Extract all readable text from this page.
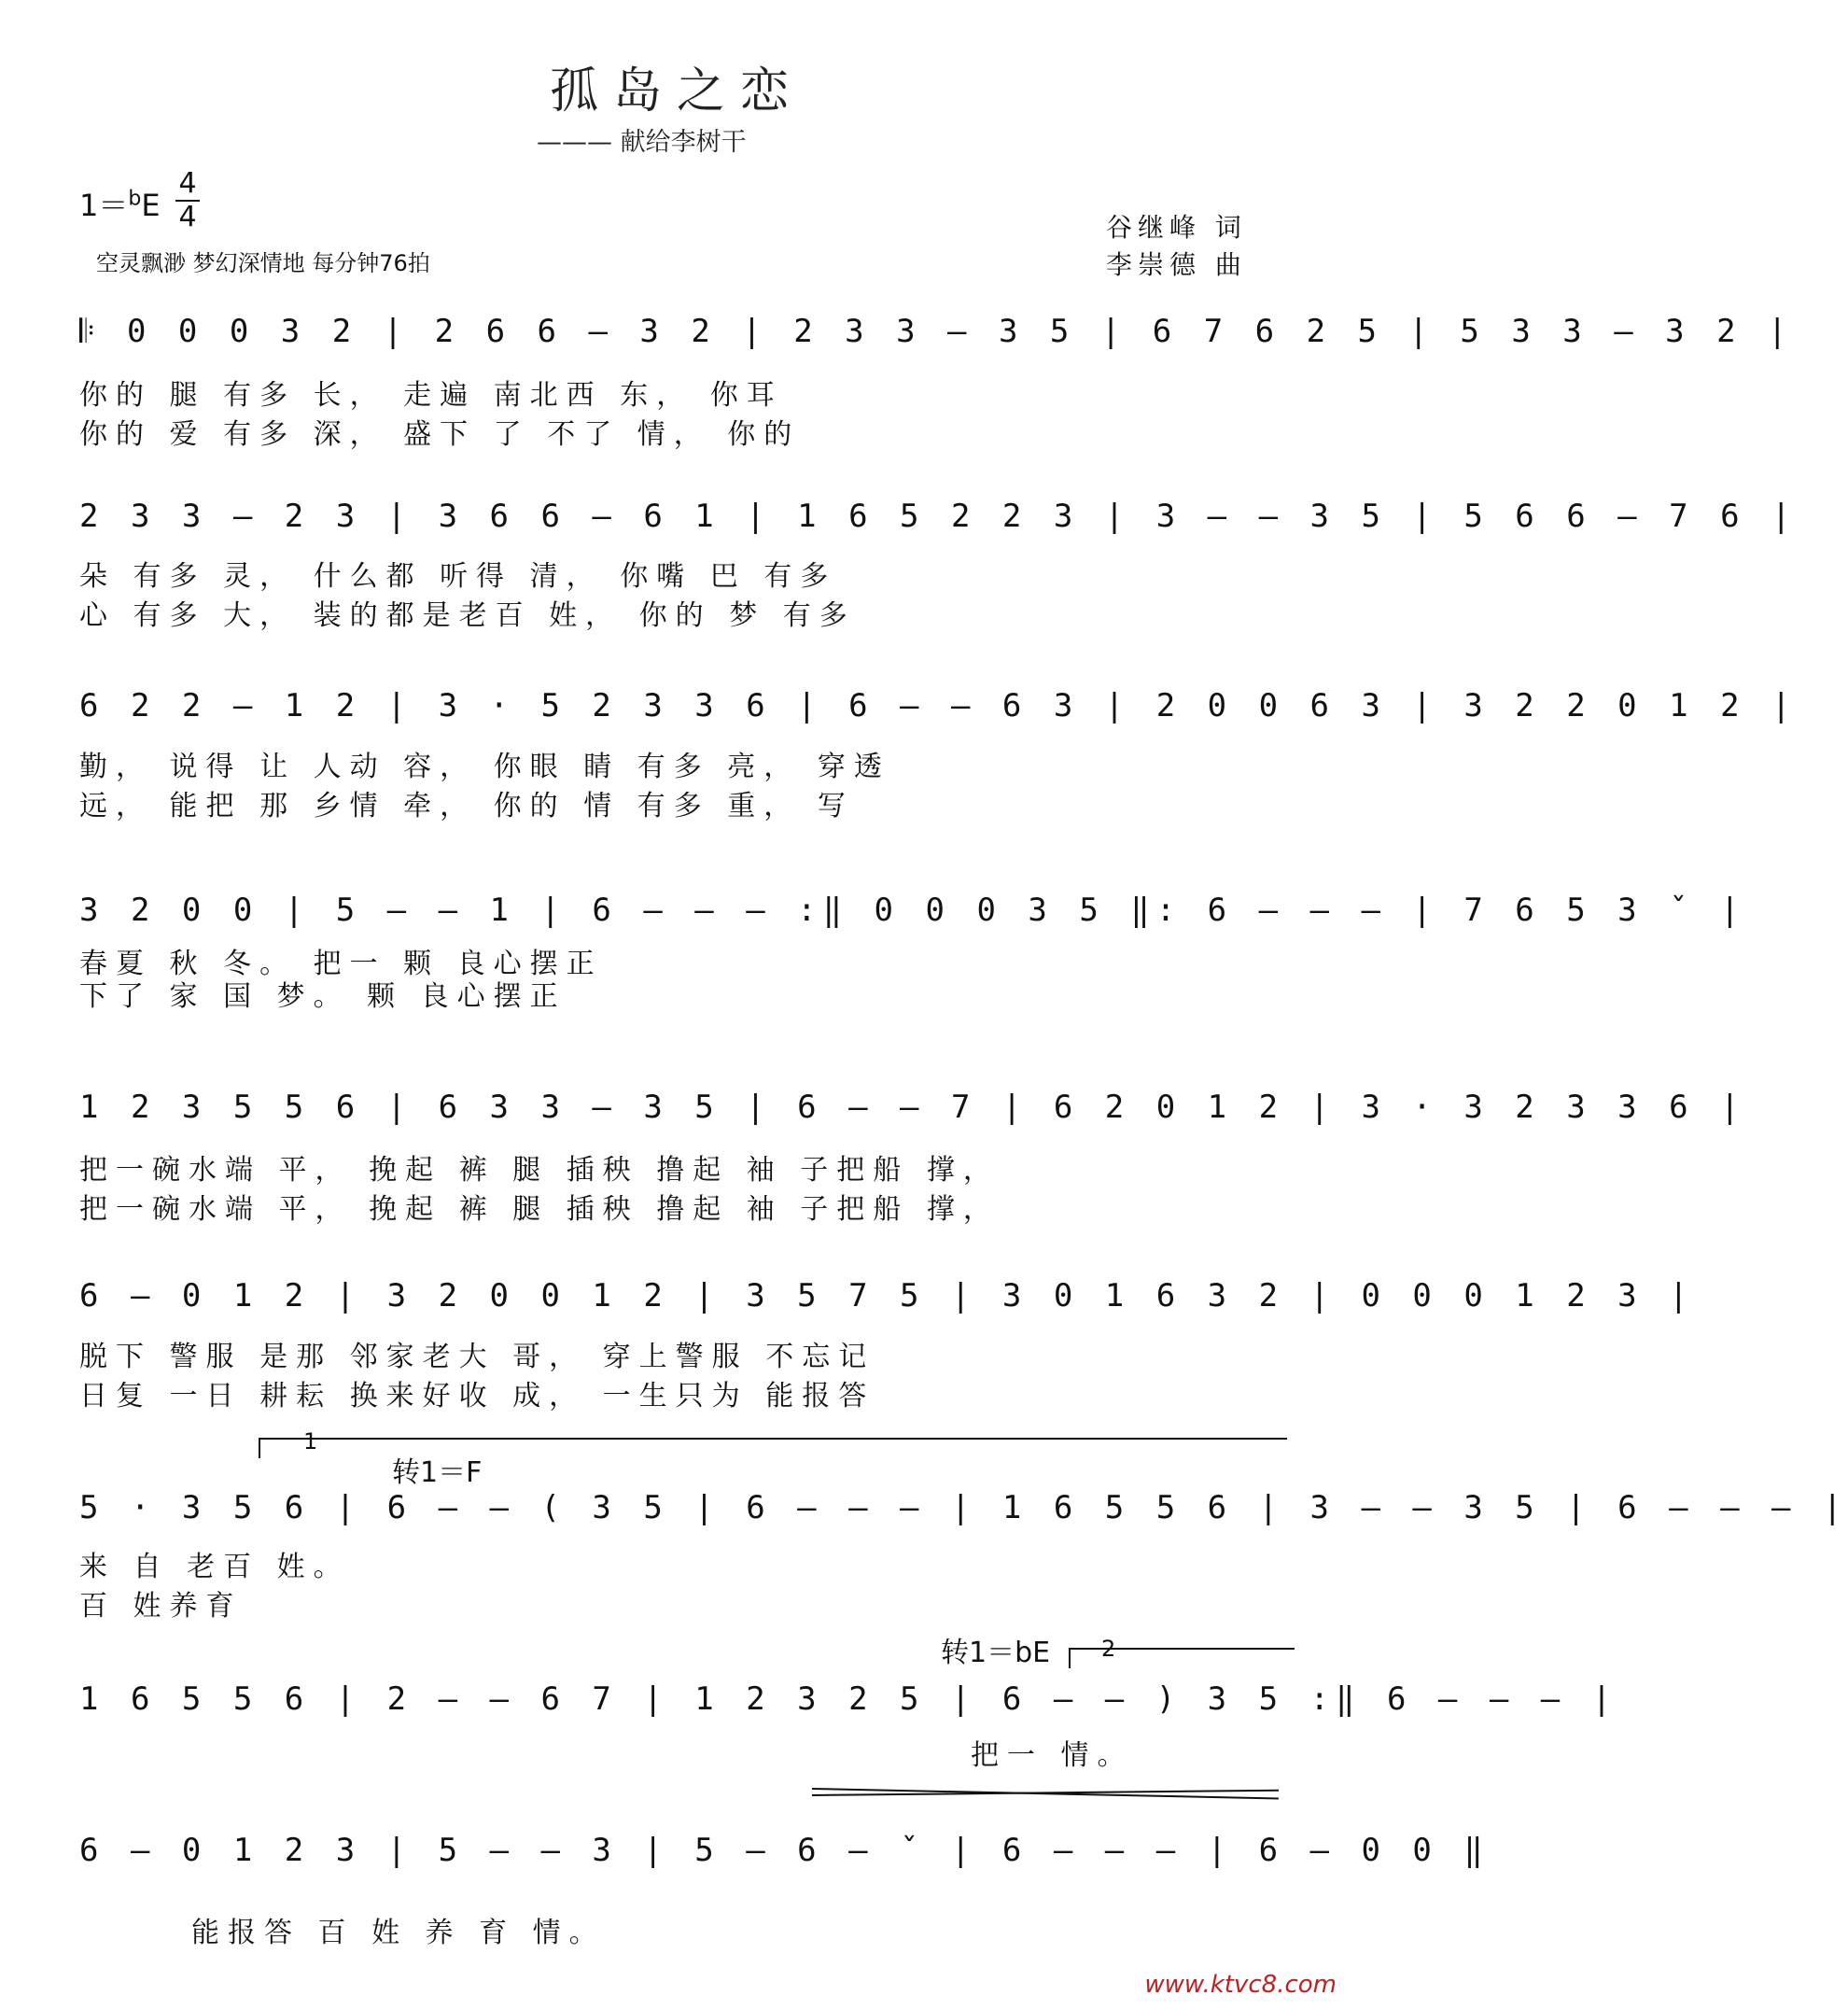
孤岛之恋
——— 献给李树干
1＝$^b$E
4
4
空灵飘渺 梦幻深情地 每分钟76拍
谷继峰 词
李崇德 曲
𝄆 0 0 0 3 2 | 2 6 6 – 3 2 | 2 3 3 – 3 5 | 6 7 6 2 5 | 5 3 3 – 3 2 |
你的 腿 有多 长， 走遍 南北西 东， 你耳
你的 爱 有多 深， 盛下 了 不了 情， 你的
2 3 3 – 2 3 | 3 6 6 – 6 1 | 1 6 5 2 2 3 | 3 – – 3 5 | 5 6 6 – 7 6 |
朵 有多 灵， 什么都 听得 清， 你嘴 巴 有多
心 有多 大， 装的都是老百 姓， 你的 梦 有多
6 2 2 – 1 2 | 3 · 5 2 3 3 6 | 6 – – 6 3 | 2 0 0 6 3 | 3 2 2 0 1 2 |
勤， 说得 让 人动 容， 你眼 睛 有多 亮， 穿透
远， 能把 那 乡情 牵， 你的 情 有多 重， 写
3 2 0 0 | 5 – – 1 | 6 – – – :‖ 0 0 0 3 5 ‖: 6 – – – | 7 6 5 3 ˇ |
春夏 秋 冬。 把一 颗 良心摆正
下了 家 国 梦。 颗 良心摆正
1 2 3 5 5 6 | 6 3 3 – 3 5 | 6 – – 7 | 6 2 0 1 2 | 3 · 3 2 3 3 6 |
把一碗水端 平， 挽起 裤 腿 插秧 撸起 袖 子把船 撑，
把一碗水端 平， 挽起 裤 腿 插秧 撸起 袖 子把船 撑，
6 – 0 1 2 | 3 2 0 0 1 2 | 3 5 7 5 | 3 0 1 6 3 2 | 0 0 0 1 2 3 |
脱下 警服 是那 邻家老大 哥， 穿上警服 不忘记
日复 一日 耕耘 换来好收 成， 一生只为 能报答
1
转1＝F
5 · 3 5 6 | 6 – – ( 3 5 | 6 – – – | 1 6 5 5 6 | 3 – – 3 5 | 6 – – – |
来 自 老百 姓。
百 姓养育
转1＝bE 2
1 6 5 5 6 | 2 – – 6 7 | 1 2 3 2 5 | 6 – – ) 3 5 :‖ 6 – – – |
把一 情。
6 – 0 1 2 3 | 5 – – 3 | 5 – 6 – ˇ | 6 – – – | 6 – 0 0 ‖
能报答 百 姓 养 育 情。
www.ktvc8.com
